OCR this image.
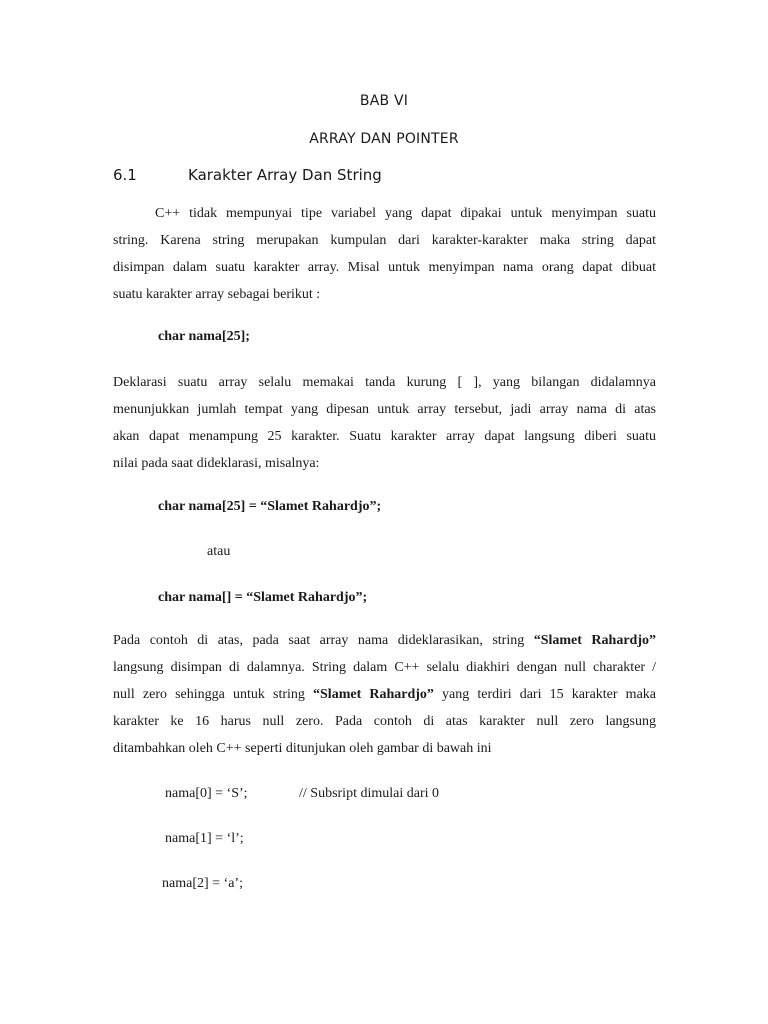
BAB VI
ARRAY DAN POINTER
6.1	Karakter Array Dan String
   C++ tidak mempunyai tipe variabel yang dapat dipakai untuk menyimpan suatu
string. Karena string merupakan kumpulan dari karakter-karakter maka string dapat
disimpan dalam suatu karakter array. Misal untuk menyimpan nama orang dapat dibuat
suatu karakter array sebagai berikut :
char nama[25];
Deklarasi suatu array selalu memakai tanda kurung [ ], yang bilangan didalamnya
menunjukkan jumlah tempat yang dipesan untuk array tersebut, jadi array nama di atas
akan dapat menampung 25 karakter. Suatu karakter array dapat langsung diberi suatu
nilai pada saat dideklarasi, misalnya:
char nama[25] = “Slamet Rahardjo”;
atau
char nama[] = “Slamet Rahardjo”;
Pada contoh di atas, pada saat array nama dideklarasikan, string “Slamet Rahardjo”
langsung disimpan di dalamnya. String dalam C++ selalu diakhiri dengan null charakter /
null zero sehingga untuk string “Slamet Rahardjo” yang terdiri dari 15 karakter maka
karakter ke 16 harus null zero. Pada contoh di atas karakter null zero langsung
ditambahkan oleh C++ seperti ditunjukan oleh gambar di bawah ini
nama[0] = ‘S’;	// Subsript dimulai dari 0
nama[1] = ‘l’;
nama[2] = ‘a’;
